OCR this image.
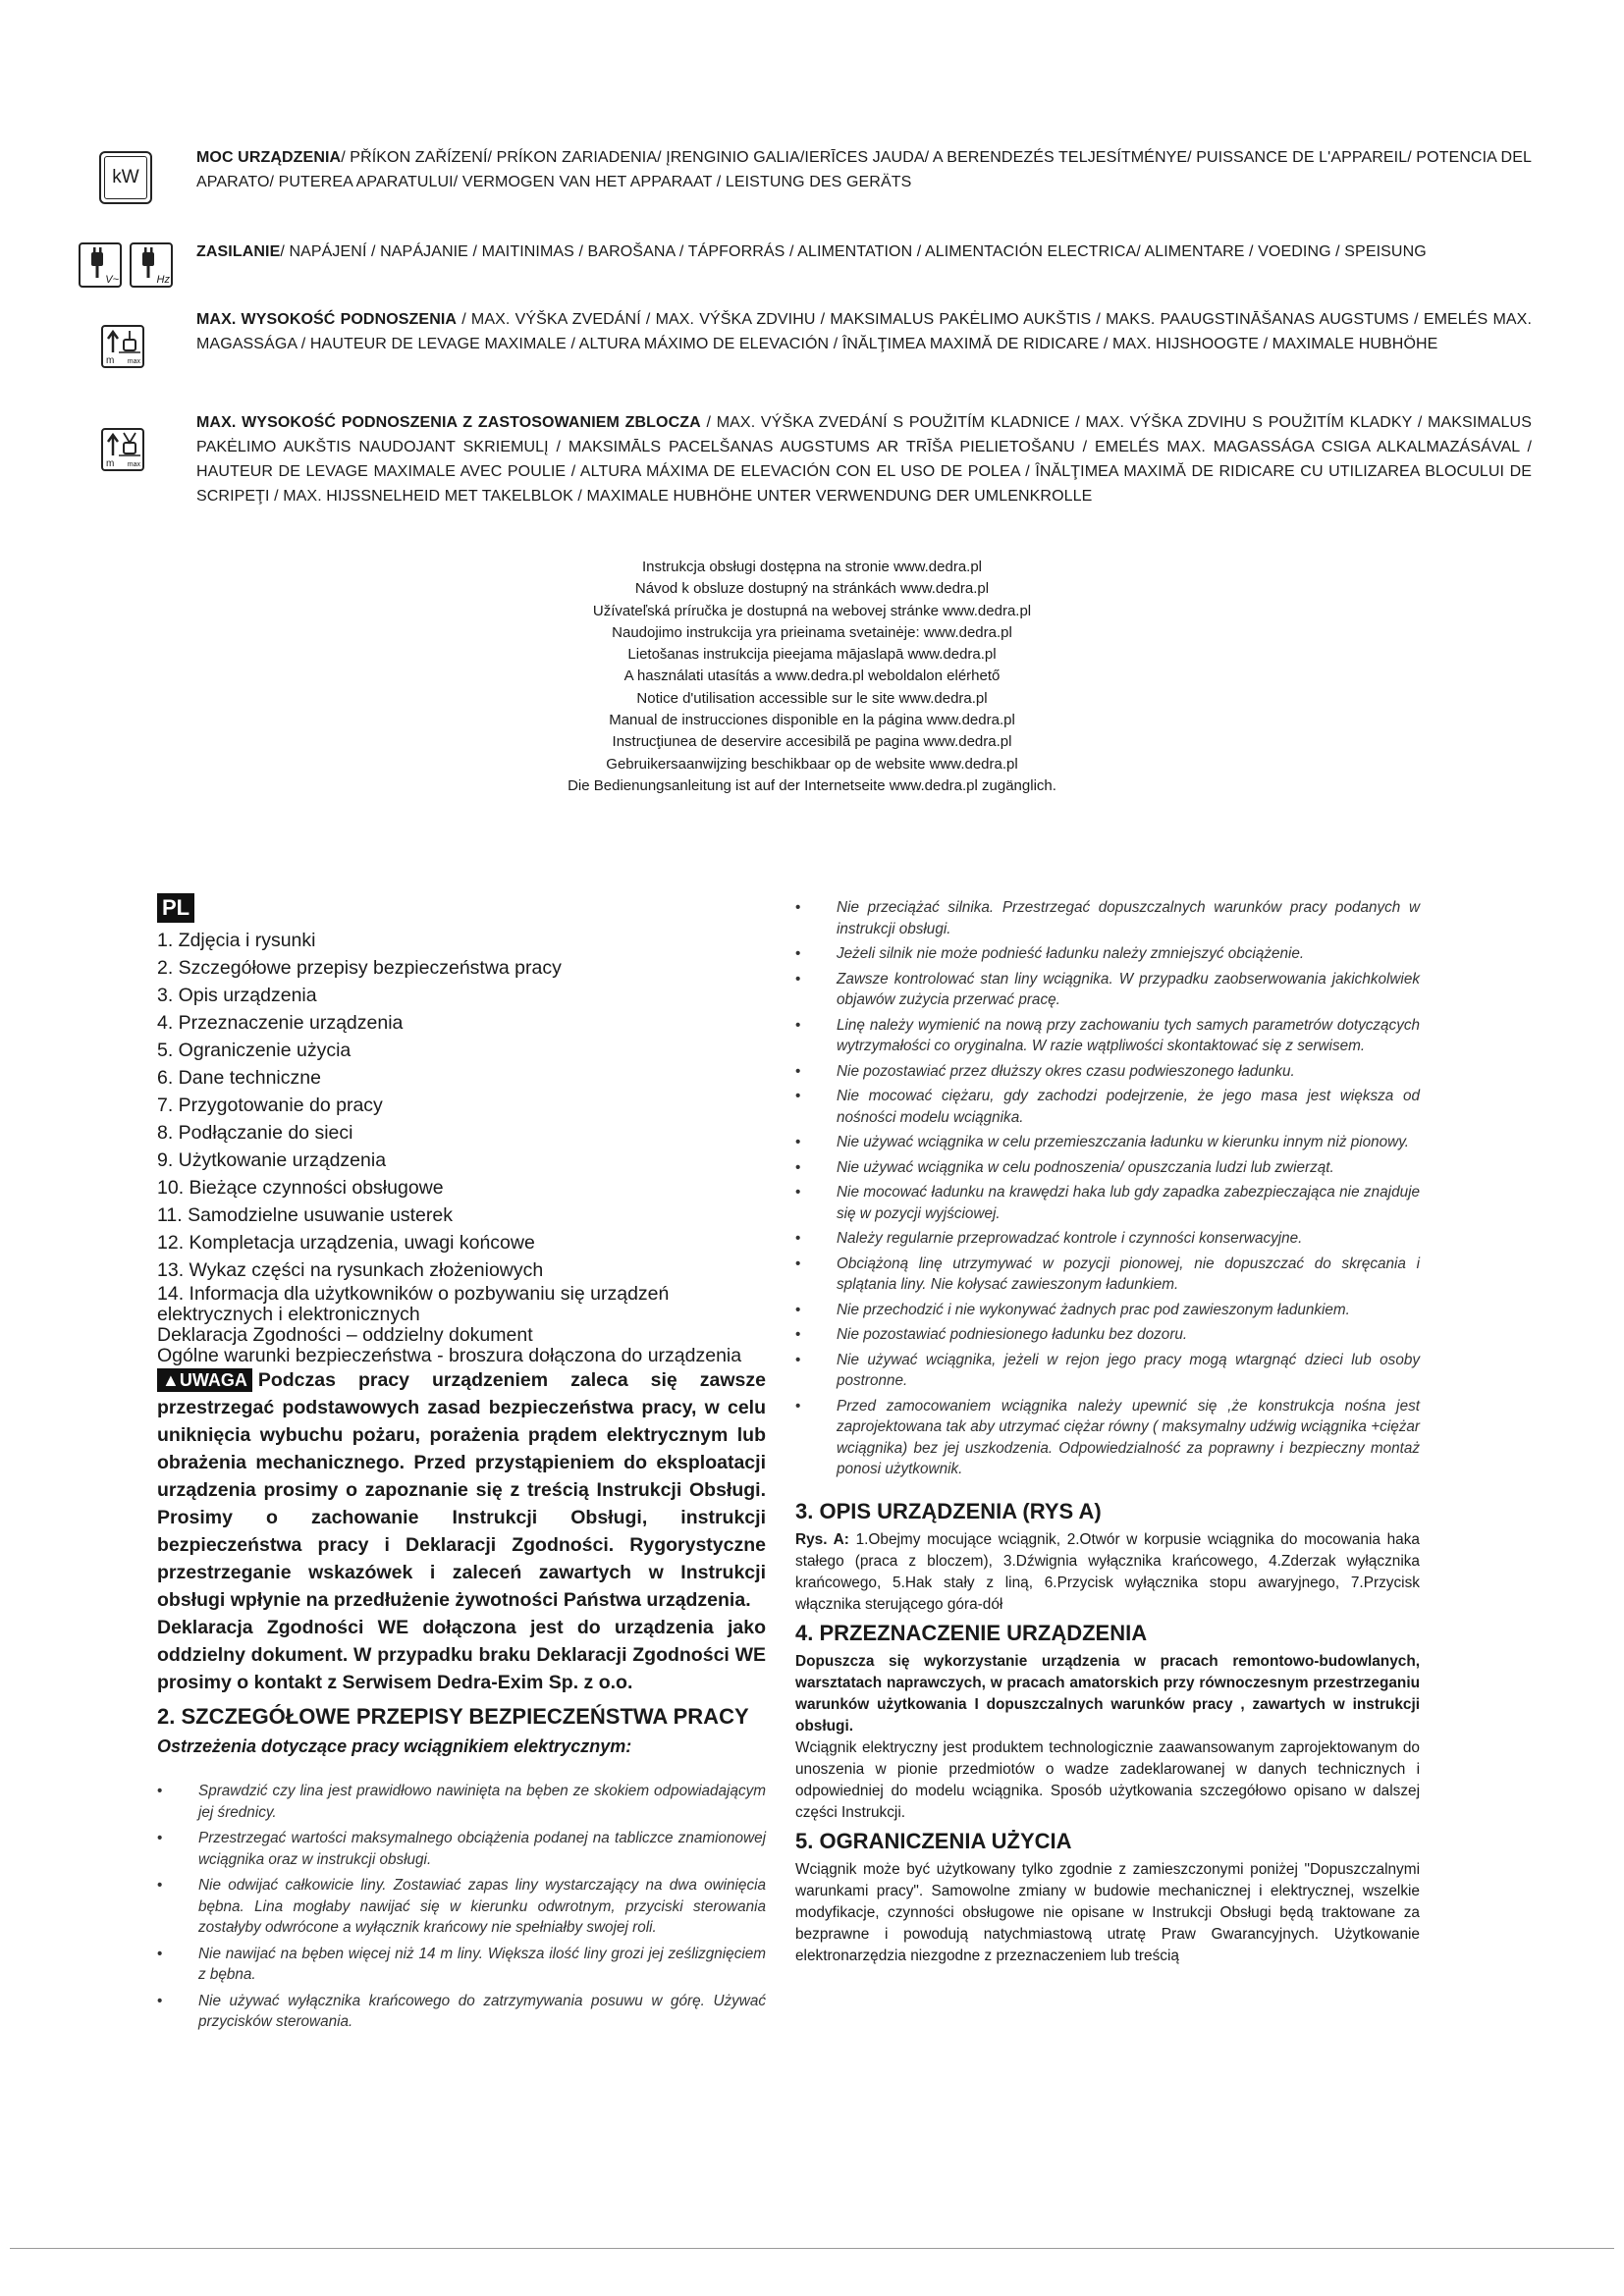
kW
MOC URZĄDZENIA/ PŘÍKON ZAŘÍZENÍ/ PRÍKON ZARIADENIA/ ĮRENGINIO GALIA/IERĪCES JAUDA/ A BERENDEZÉS TELJESÍTMÉNYE/ PUISSANCE DE L'APPAREIL/ POTENCIA DEL APARATO/ PUTEREA APARATULUI/ VERMOGEN VAN HET APPARAAT / LEISTUNG DES GERÄTS
V~	Hz
ZASILANIE/ NAPÁJENÍ / NAPÁJANIE / MAITINIMAS / BAROŠANA / TÁPFORRÁS / ALIMENTATION / ALIMENTACIÓN ELECTRICA/ ALIMENTARE / VOEDING / SPEISUNG
m max
MAX. WYSOKOŚĆ PODNOSZENIA / MAX. VÝŠKA ZVEDÁNÍ / MAX. VÝŠKA ZDVIHU / MAKSIMALUS PAKĖLIMO AUKŠTIS / MAKS. PAAUGSTINĀŠANAS AUGSTUMS / EMELÉS MAX. MAGASSÁGA / HAUTEUR DE LEVAGE MAXIMALE / ALTURA MÁXIMO DE ELEVACIÓN / ÎNĂLŢIMEA MAXIMĂ DE RIDICARE / MAX. HIJSHOOGTE / MAXIMALE HUBHÖHE
m max
MAX. WYSOKOŚĆ PODNOSZENIA Z ZASTOSOWANIEM ZBLOCZA / MAX. VÝŠKA ZVEDÁNÍ S POUŽITÍM KLADNICE / MAX. VÝŠKA ZDVIHU S POUŽITÍM KLADKY / MAKSIMALUS PAKĖLIMO AUKŠTIS NAUDOJANT SKRIEMULĮ / MAKSIMĀLS PACELŠANAS AUGSTUMS AR TRĪŠA PIELIETOŠANU / EMELÉS MAX. MAGASSÁGA CSIGA ALKALMAZÁSÁVAL / HAUTEUR DE LEVAGE MAXIMALE AVEC POULIE / ALTURA MÁXIMA DE ELEVACIÓN CON EL USO DE POLEA / ÎNĂLŢIMEA MAXIMĂ DE RIDICARE CU UTILIZAREA BLOCULUI DE SCRIPEŢI / MAX. HIJSSNELHEID MET TAKELBLOK / MAXIMALE HUBHÖHE UNTER VERWENDUNG DER UMLENKROLLE
Instrukcja obsługi dostępna na stronie www.dedra.pl
Návod k obsluze dostupný na stránkách www.dedra.pl
Užívateľská príručka je dostupná na webovej stránke www.dedra.pl
Naudojimo instrukcija yra prieinama svetainėje: www.dedra.pl
Lietošanas instrukcija pieejama mājaslapā www.dedra.pl
A használati utasítás a www.dedra.pl weboldalon elérhető
Notice d'utilisation accessible sur le site www.dedra.pl
Manual de instrucciones disponible en la página www.dedra.pl
Instrucţiunea de deservire accesibilă pe pagina www.dedra.pl
Gebruikersaanwijzing beschikbaar op de website www.dedra.pl
Die Bedienungsanleitung ist auf der Internetseite www.dedra.pl zugänglich.
PL
1. Zdjęcia i rysunki
2. Szczegółowe przepisy bezpieczeństwa pracy
3. Opis urządzenia
4. Przeznaczenie urządzenia
5. Ograniczenie użycia
6. Dane techniczne
7. Przygotowanie do pracy
8. Podłączanie do sieci
9. Użytkowanie urządzenia
10. Bieżące czynności obsługowe
11. Samodzielne usuwanie usterek
12. Kompletacja urządzenia, uwagi końcowe
13. Wykaz części na rysunkach złożeniowych
14. Informacja dla użytkowników o pozbywaniu się urządzeń elektrycznych i elektronicznych
Deklaracja Zgodności – oddzielny dokument
Ogólne warunki bezpieczeństwa - broszura dołączona do urządzenia
▲UWAGA Podczas pracy urządzeniem zaleca się zawsze przestrzegać podstawowych zasad bezpieczeństwa pracy, w celu uniknięcia wybuchu pożaru, porażenia prądem elektrycznym lub obrażenia mechanicznego. Przed przystąpieniem do eksploatacji urządzenia prosimy o zapoznanie się z treścią Instrukcji Obsługi. Prosimy o zachowanie Instrukcji Obsługi, instrukcji bezpieczeństwa pracy i Deklaracji Zgodności. Rygorystyczne przestrzeganie wskazówek i zaleceń zawartych w Instrukcji obsługi wpłynie na przedłużenie żywotności Państwa urządzenia.
Deklaracja Zgodności WE dołączona jest do urządzenia jako oddzielny dokument. W przypadku braku Deklaracji Zgodności WE prosimy o kontakt z Serwisem Dedra-Exim Sp. z o.o.
2. SZCZEGÓŁOWE PRZEPISY BEZPIECZEŃSTWA PRACY
Ostrzeżenia dotyczące pracy wciągnikiem elektrycznym:
• Sprawdzić czy lina jest prawidłowo nawinięta na bęben ze skokiem odpowiadającym jej średnicy.
• Przestrzegać wartości maksymalnego obciążenia podanej na tabliczce znamionowej wciągnika oraz w instrukcji obsługi.
• Nie odwijać całkowicie liny. Zostawiać zapas liny wystarczający na dwa owinięcia bębna. Lina mogłaby nawijać się w kierunku odwrotnym, przyciski sterowania zostałyby odwrócone a wyłącznik krańcowy nie spełniałby swojej roli.
• Nie nawijać na bęben więcej niż 14 m liny. Większa ilość liny grozi jej ześlizgnięciem z bębna.
• Nie używać wyłącznika krańcowego do zatrzymywania posuwu w górę. Używać przycisków sterowania.
• Nie przeciążać silnika. Przestrzegać dopuszczalnych warunków pracy podanych w instrukcji obsługi.
• Jeżeli silnik nie może podnieść ładunku należy zmniejszyć obciążenie.
• Zawsze kontrolować stan liny wciągnika. W przypadku zaobserwowania jakichkolwiek objawów zużycia przerwać pracę.
• Linę należy wymienić na nową przy zachowaniu tych samych parametrów dotyczących wytrzymałości co oryginalna. W razie wątpliwości skontaktować się z serwisem.
• Nie pozostawiać przez dłuższy okres czasu podwieszonego ładunku.
• Nie mocować ciężaru, gdy zachodzi podejrzenie, że jego masa jest większa od nośności modelu wciągnika.
• Nie używać wciągnika w celu przemieszczania ładunku w kierunku innym niż pionowy.
• Nie używać wciągnika w celu podnoszenia/ opuszczania ludzi lub zwierząt.
• Nie mocować ładunku na krawędzi haka lub gdy zapadka zabezpieczająca nie znajduje się w pozycji wyjściowej.
• Należy regularnie przeprowadzać kontrole i czynności konserwacyjne.
• Obciążoną linę utrzymywać w pozycji pionowej, nie dopuszczać do skręcania i splątania liny. Nie kołysać zawieszonym ładunkiem.
• Nie przechodzić i nie wykonywać żadnych prac pod zawieszonym ładunkiem.
• Nie pozostawiać podniesionego ładunku bez dozoru.
• Nie używać wciągnika, jeżeli w rejon jego pracy mogą wtargnąć dzieci lub osoby postronne.
• Przed zamocowaniem wciągnika należy upewnić się ,że konstrukcja nośna jest zaprojektowana tak aby utrzymać ciężar równy ( maksymalny udźwig wciągnika +ciężar wciągnika) bez jej uszkodzenia. Odpowiedzialność za poprawny i bezpieczny montaż ponosi użytkownik.
3. OPIS URZĄDZENIA (RYS A)

Rys. A: 1.Obejmy mocujące wciągnik, 2.Otwór w korpusie wciągnika do mocowania haka stałego (praca z bloczem), 3.Dźwignia wyłącznika krańcowego, 4.Zderzak wyłącznika krańcowego, 5.Hak stały z liną, 6.Przycisk wyłącznika stopu awaryjnego, 7.Przycisk włącznika sterującego góra-dół

4. PRZEZNACZENIE URZĄDZENIA

Dopuszcza się wykorzystanie urządzenia w pracach remontowo-budowlanych, warsztatach naprawczych, w pracach amatorskich przy równoczesnym przestrzeganiu warunków użytkowania I dopuszczalnych warunków pracy , zawartych w instrukcji obsługi.

Wciągnik elektryczny jest produktem technologicznie zaawansowanym zaprojektowanym do unoszenia w pionie przedmiotów o wadze zadeklarowanej w danych technicznych i odpowiedniej do modelu wciągnika. Sposób użytkowania szczegółowo opisano w dalszej części Instrukcji.

5. OGRANICZENIA UŻYCIA

Wciągnik może być użytkowany tylko zgodnie z zamieszczonymi poniżej "Dopuszczalnymi warunkami pracy". Samowolne zmiany w budowie mechanicznej i elektrycznej, wszelkie modyfikacje, czynności obsługowe nie opisane w Instrukcji Obsługi będą traktowane za bezprawne i powodują natychmiastową utratę Praw Gwarancyjnych. Użytkowanie elektronarzędzia niezgodne z przeznaczeniem lub treścią
